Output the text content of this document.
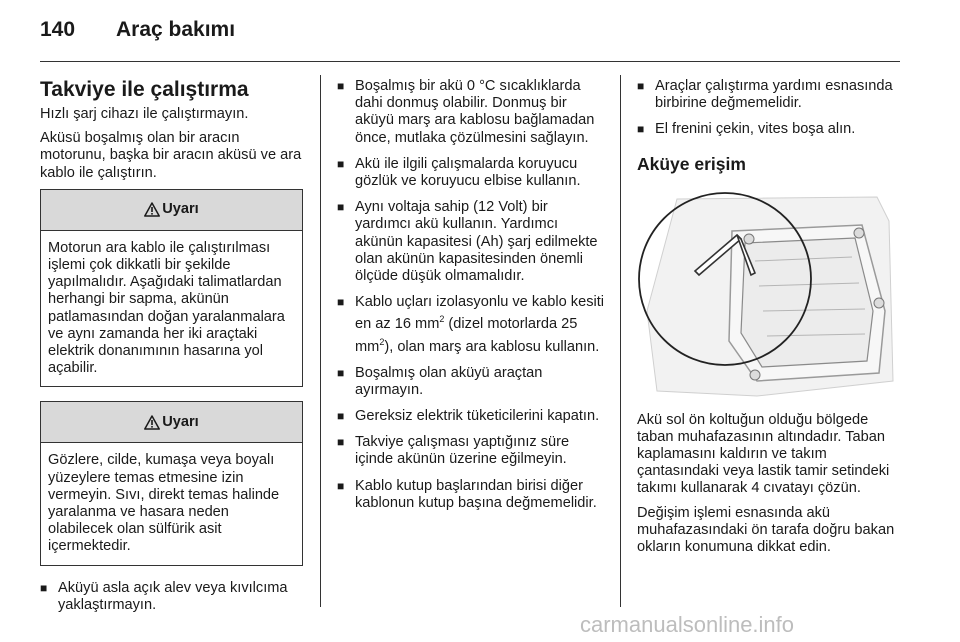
140 Araç bakımı
Takviye ile çalıştırma

Hızlı şarj cihazı ile çalıştırmayın.

Aküsü boşalmış olan bir aracın motorunu, başka bir aracın aküsü ve ara kablo ile çalıştırın.

Uyarı
Motorun ara kablo ile çalıştırılması işlemi çok dikkatli bir şekilde yapılmalıdır. Aşağıdaki talimatlardan herhangi bir sapma, akünün patlamasından doğan yaralanmalara ve aynı zamanda her iki araçtaki elektrik donanımının hasarına yol açabilir.
Uyarı
Gözlere, cilde, kumaşa veya boyalı yüzeylere temas etmesine izin vermeyin. Sıvı, direkt temas halinde yaralanma ve hasara neden olabilecek olan sülfürik asit içermektedir.
■ Aküyü asla açık alev veya kıvılcıma yaklaştırmayın.
■ Boşalmış bir akü 0 °C sıcaklıklarda dahi donmuş olabilir. Donmuş bir aküyü marş ara kablosu bağlamadan önce, mutlaka çözülmesini sağlayın.
■ Akü ile ilgili çalışmalarda koruyucu gözlük ve koruyucu elbise kullanın.
■ Aynı voltaja sahip (12 Volt) bir yardımcı akü kullanın. Yardımcı akünün kapasitesi (Ah) şarj edilmekte olan akünün kapasitesinden önemli ölçüde düşük olmamalıdır.
■ Kablo uçları izolasyonlu ve kablo kesiti en az 16 $mm^2$ (dizel motorlarda 25 $mm^2$), olan marş ara kablosu kullanın.
■ Boşalmış olan aküyü araçtan ayırmayın.
■ Gereksiz elektrik tüketicilerini kapatın.
■ Takviye çalışması yaptığınız süre içinde akünün üzerine eğilmeyin.
■ Kablo kutup başlarından birisi diğer kablonun kutup başına değmemelidir.
■ Araçlar çalıştırma yardımı esnasında birbirine değmemelidir.
■ El frenini çekin, vites boşa alın.
Aküye erişim

Akü sol ön koltuğun olduğu bölgede taban muhafazasının altındadır. Taban kaplamasını kaldırın ve takım çantasındaki veya lastik tamir setindeki takımı kullanarak 4 cıvatayı çözün.

Değişim işlemi esnasında akü muhafazasındaki ön tarafa doğru bakan okların konumuna dikkat edin.

carmanualsonline.info
